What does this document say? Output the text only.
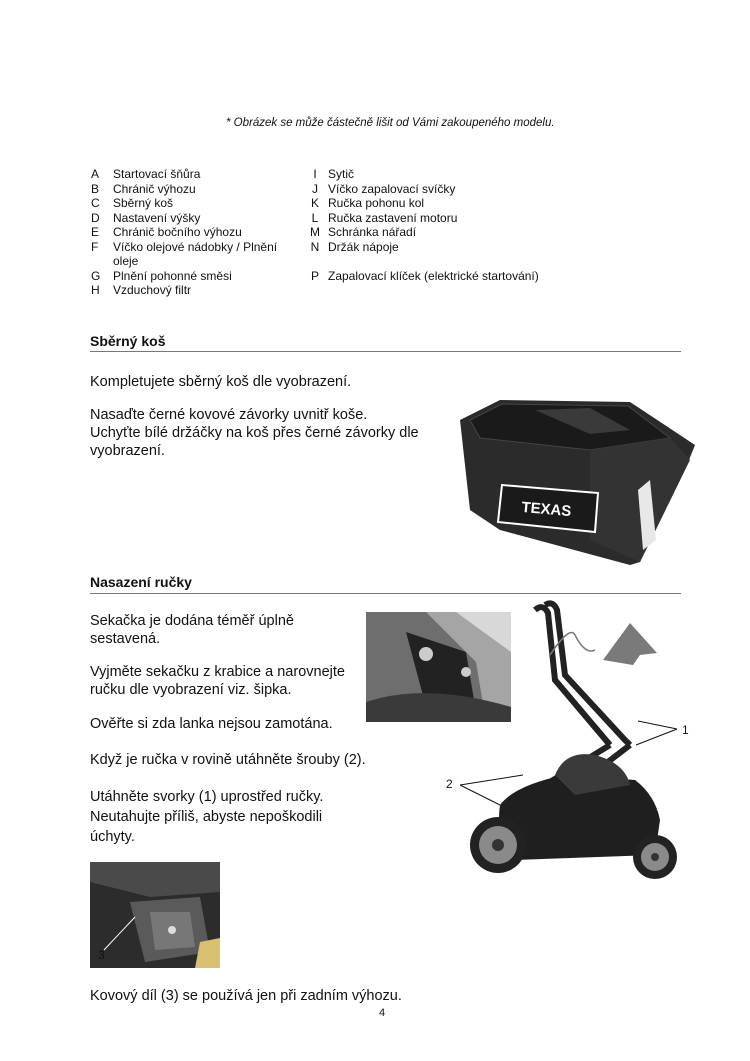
* Obrázek se může částečně lišit od Vámi zakoupeného modelu.
A	Startovací šňůra
B	Chránič výhozu
C	Sběrný koš
D	Nastavení výšky
E	Chránič bočního výhozu
F	Víčko olejové nádobky / Plnění oleje
G	Plnění pohonné směsi
H	Vzduchový filtr
I Sytič
J Víčko zapalovací svíčky
K Ručka pohonu kol
L Ručka zastavení motoru
M Schránka nářadí
N Držák nápoje

P Zapalovací klíček (elektrické startování)
Sběrný koš
Kompletujete sběrný koš dle vyobrazení.
Nasaďte černé kovové závorky uvnitř koše. Uchyťte bílé držáčky na koš přes černé závorky dle vyobrazení.
TEXAS
Nasazení ručky
Sekačka je dodána téměř úplně sestavená.
Vyjměte sekačku z krabice a narovnejte ručku dle vyobrazení viz. šipka.
Ověřte si zda lanka nejsou zamotána.
Když je ručka v rovině utáhněte šrouby (2).
Utáhněte svorky (1) uprostřed ručky. Neutahujte příliš, abyste nepoškodili úchyty.
1
2
3
Kovový díl (3) se používá jen při zadním výhozu.
4
